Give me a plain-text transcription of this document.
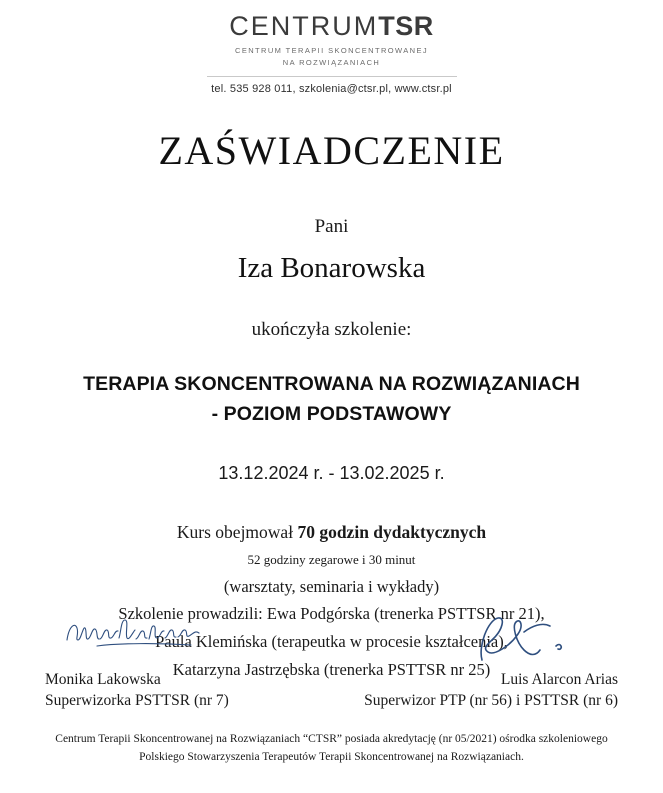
CENTRUMTSR
CENTRUM TERAPII SKONCENTROWANEJ
NA ROZWIĄZANIACH
tel. 535 928 011, szkolenia@ctsr.pl, www.ctsr.pl
ZAŚWIADCZENIE
Pani
Iza Bonarowska
ukończyła szkolenie:
TERAPIA SKONCENTROWANA NA ROZWIĄZANIACH
- POZIOM PODSTAWOWY
13.12.2024 r. - 13.02.2025 r.
Kurs obejmował 70 godzin dydaktycznych
52 godziny zegarowe i 30 minut
(warsztaty, seminaria i wykłady)
Szkolenie prowadzili: Ewa Podgórska (trenerka PSTTSR nr 21),
Paula Klemińska (terapeutka w procesie kształcenia),
Katarzyna Jastrzębska (trenerka PSTTSR nr 25)
Monika Lakowska
Superwizorka PSTTSR (nr 7)
Luis Alarcon Arias
Superwizor PTP (nr 56) i PSTTSR (nr 6)
Centrum Terapii Skoncentrowanej na Rozwiązaniach “CTSR” posiada akredytację (nr 05/2021) ośrodka szkoleniowego
Polskiego Stowarzyszenia Terapeutów Terapii Skoncentrowanej na Rozwiązaniach.
